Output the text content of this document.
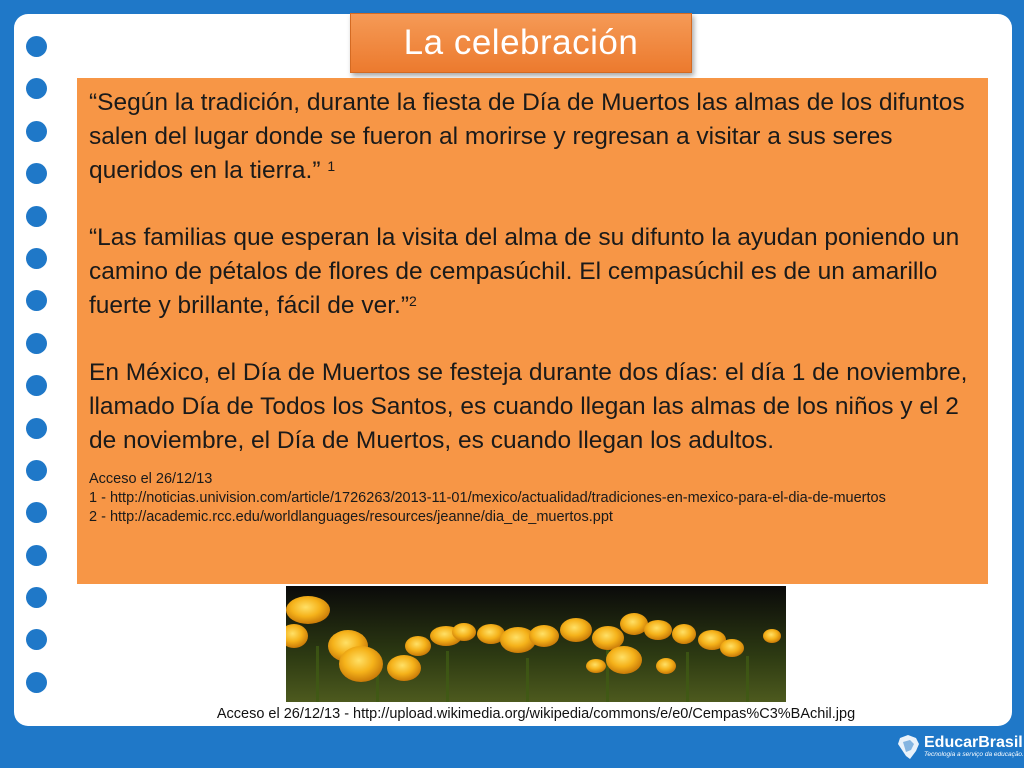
La celebración

“Según la tradición, durante la fiesta de Día de Muertos las almas de los difuntos salen del lugar donde se fueron al morirse y regresan a visitar a sus seres queridos en la tierra.” $^1$

“Las familias que esperan la visita del alma de su difunto la ayudan poniendo un camino de pétalos de flores de cempasúchil. El cempasúchil es de un amarillo fuerte y brillante, fácil de ver.”$^2$

En México, el Día de Muertos se festeja durante dos días: el día 1 de noviembre, llamado Día de Todos los Santos, es cuando llegan las almas de los niños y el 2 de noviembre, el Día de Muertos, es cuando llegan los adultos.

Acceso el 26/12/13

1 - http://noticias.univision.com/article/1726263/2013-11-01/mexico/actualidad/tradiciones-en-mexico-para-el-dia-de-muertos

2 - http://academic.rcc.edu/worldlanguages/resources/jeanne/dia_de_muertos.ppt

Acceso el 26/12/13 - http://upload.wikimedia.org/wikipedia/commons/e/e0/Cempas%C3%BAchil.jpg
EducarBrasil
Tecnologia a serviço da educação.
